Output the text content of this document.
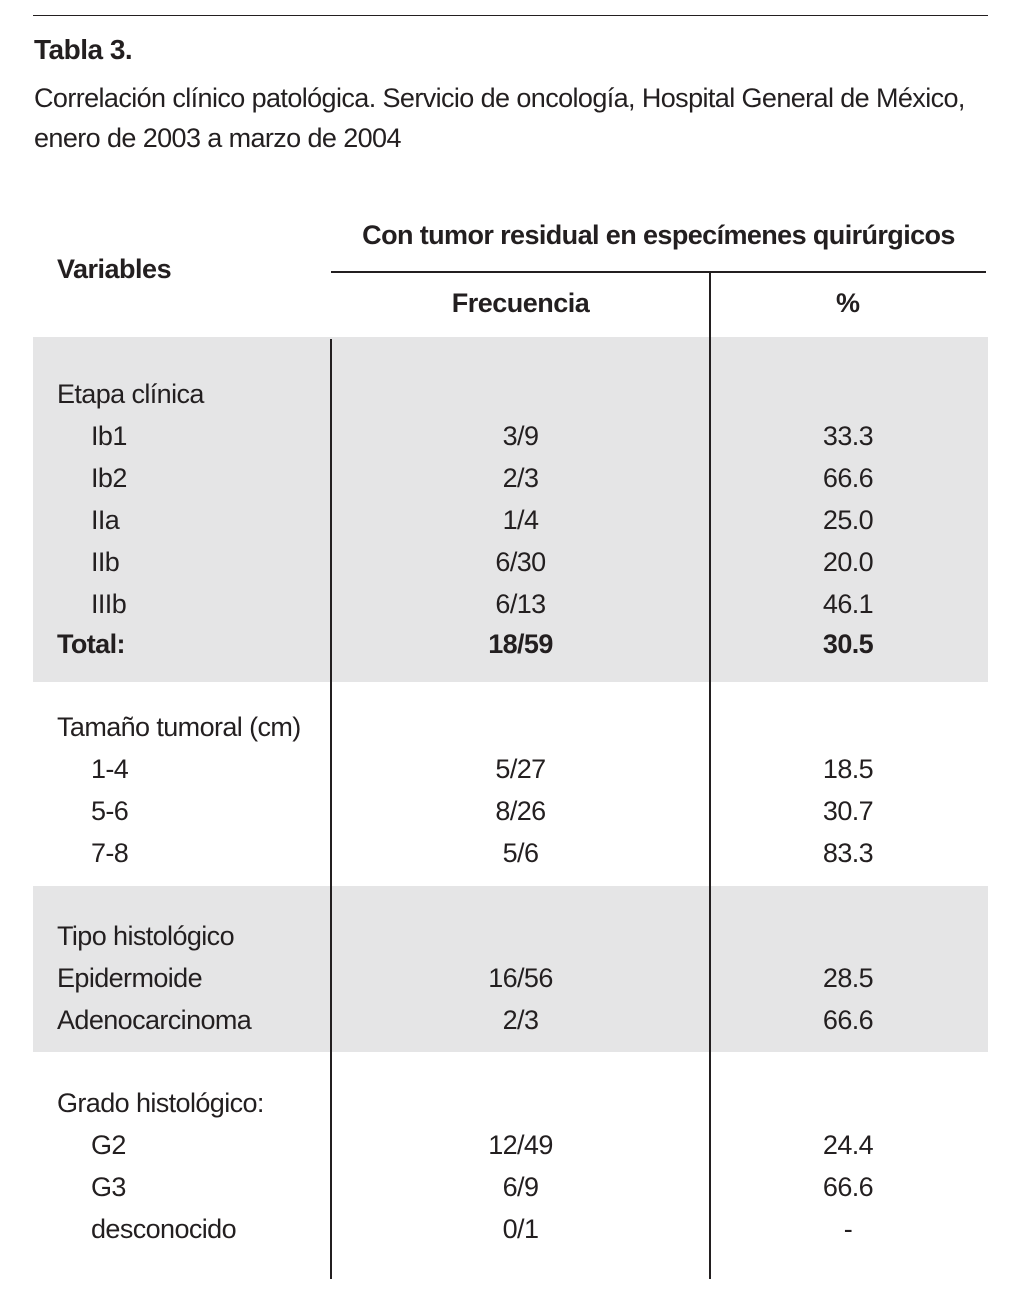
Tabla 3.
Correlación clínico patológica. Servicio de oncología, Hospital General de México, enero de 2003 a marzo de 2004
Variables
Con tumor residual en especímenes quirúrgicos
Frecuencia	%
Etapa clínica
Ib1	3/9	33.3
Ib2	2/3	66.6
IIa	1/4	25.0
IIb	6/30	20.0
IIIb	6/13	46.1
Total:	18/59	30.5
Tamaño tumoral (cm)
1-4	5/27	18.5
5-6	8/26	30.7
7-8	5/6	83.3
Tipo histológico
Epidermoide	16/56	28.5
Adenocarcinoma	2/3	66.6
Grado histológico:
G2	12/49	24.4
G3	6/9	66.6
desconocido	0/1	-
